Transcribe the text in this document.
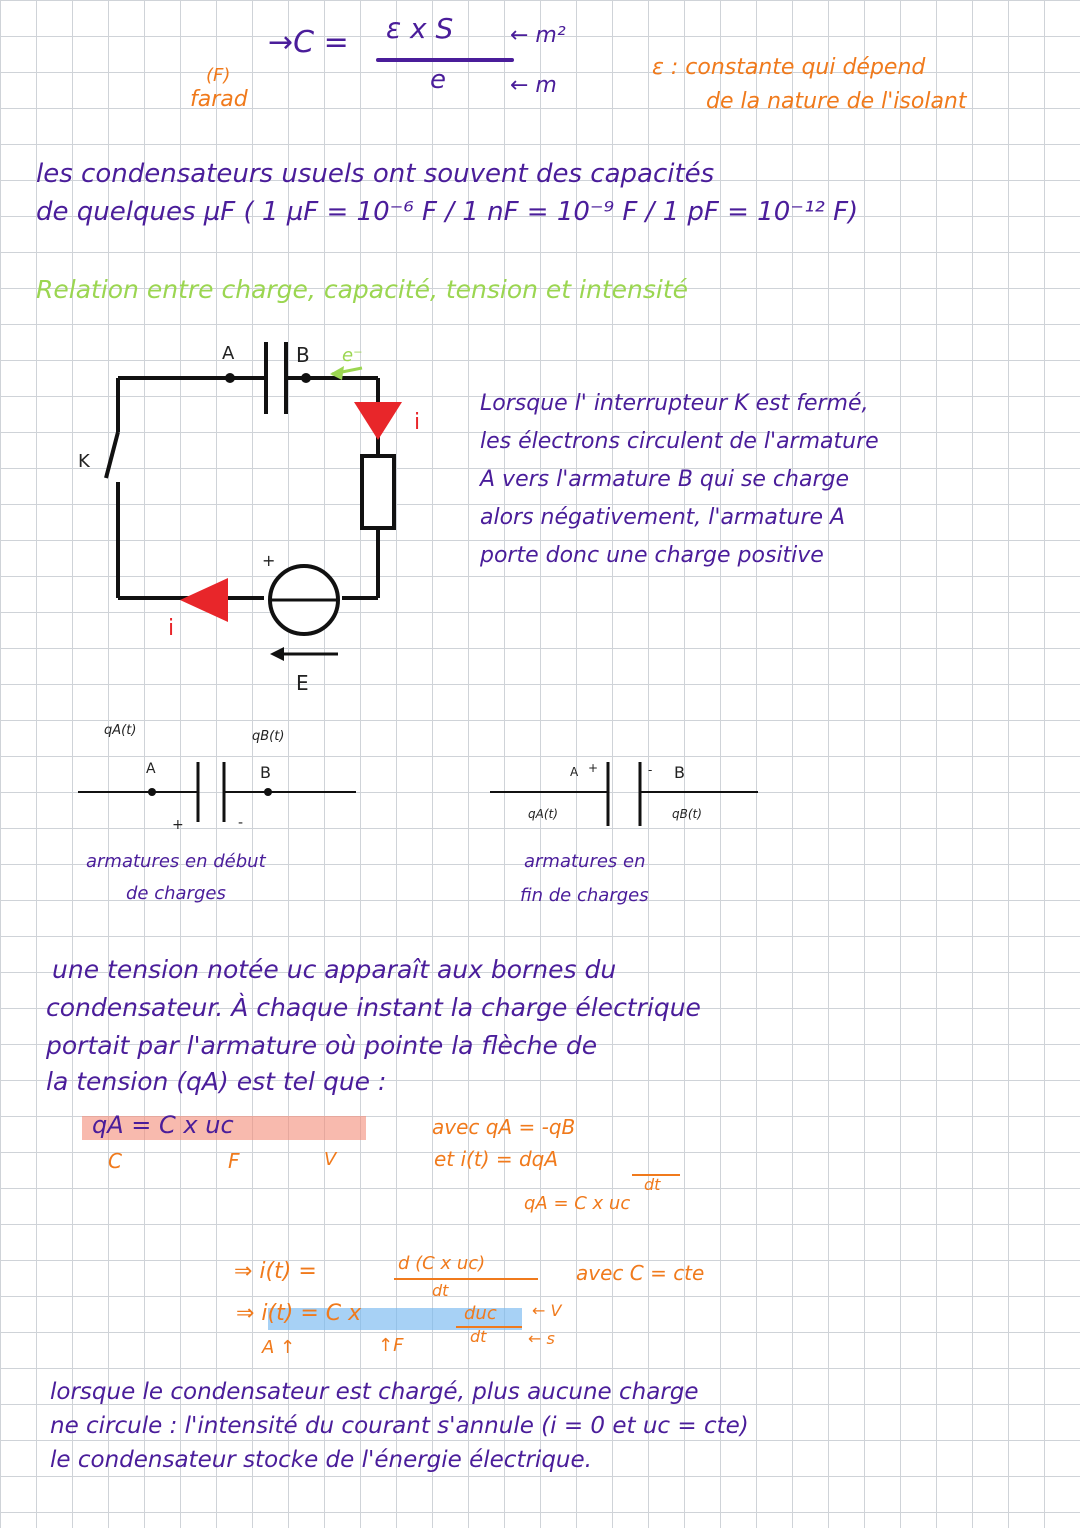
(F)
farad
→C = ε x S	← m²
e	← m
ε : constante qui dépend
de la nature de l'isolant
les condensateurs usuels ont souvent des capacités
de quelques µF ( 1 µF = 10⁻⁶ F / 1 nF = 10⁻⁹ F / 1 pF = 10⁻¹² F)
Relation entre charge, capacité, tension et intensité
A	B e⁻
K
i
i
+
E
Lorsque l' interrupteur K est fermé,
les électrons circulent de l'armature
A vers l'armature B qui se charge
alors négativement, l'armature A
porte donc une charge positive
qA(t)	qB(t)
A	B
+	-
armatures en début
de charges
A +	- B
qA(t)	qB(t)
armatures en
fin de charges
une tension notée uc apparaît aux bornes du
condensateur. À chaque instant la charge électrique
portait par l'armature où pointe la flèche de
la tension (qA) est tel que :
qA = C x uc
C	F	V
avec qA = -qB
et i(t) = dqA
dt
qA = C x uc
⇒ i(t) =	d (C x uc)
dt
avec C = cte
⇒ i(t) = C x	duc
dt
← V
← s
A ↑	↑F
lorsque le condensateur est chargé, plus aucune charge
ne circule : l'intensité du courant s'annule (i = 0 et uc = cte)
le condensateur stocke de l'énergie électrique.
